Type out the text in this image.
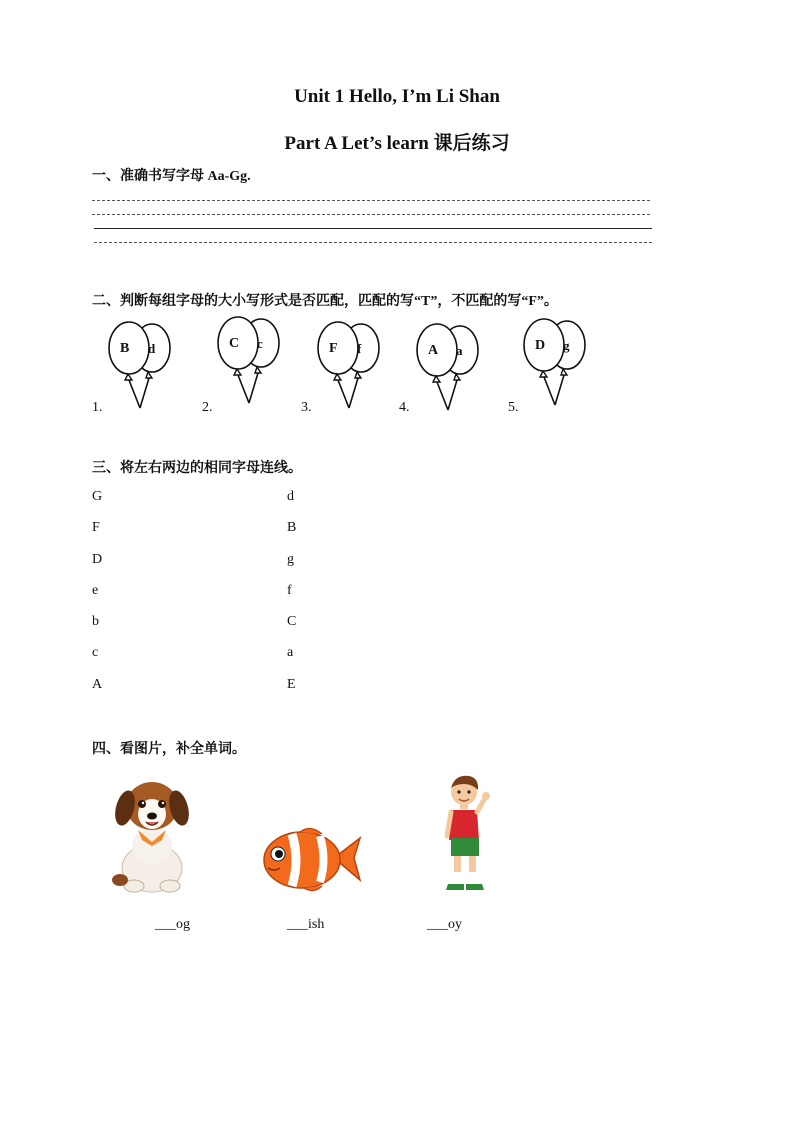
Unit 1 Hello, I’m Li Shan
Part A Let’s learn 课后练习
一、准确书写字母 Aa-Gg.
二、判断每组字母的大小写形式是否匹配，匹配的写“T”，不匹配的写“F”。
B d	C c	F f	A a	D g
1.	2.	3.	4.	5.
三、将左右两边的相同字母连线。
G
F
D
e
b
c
A
d
B
g
f
C
a
E
四、看图片，补全单词。
___og	___ish	___oy
